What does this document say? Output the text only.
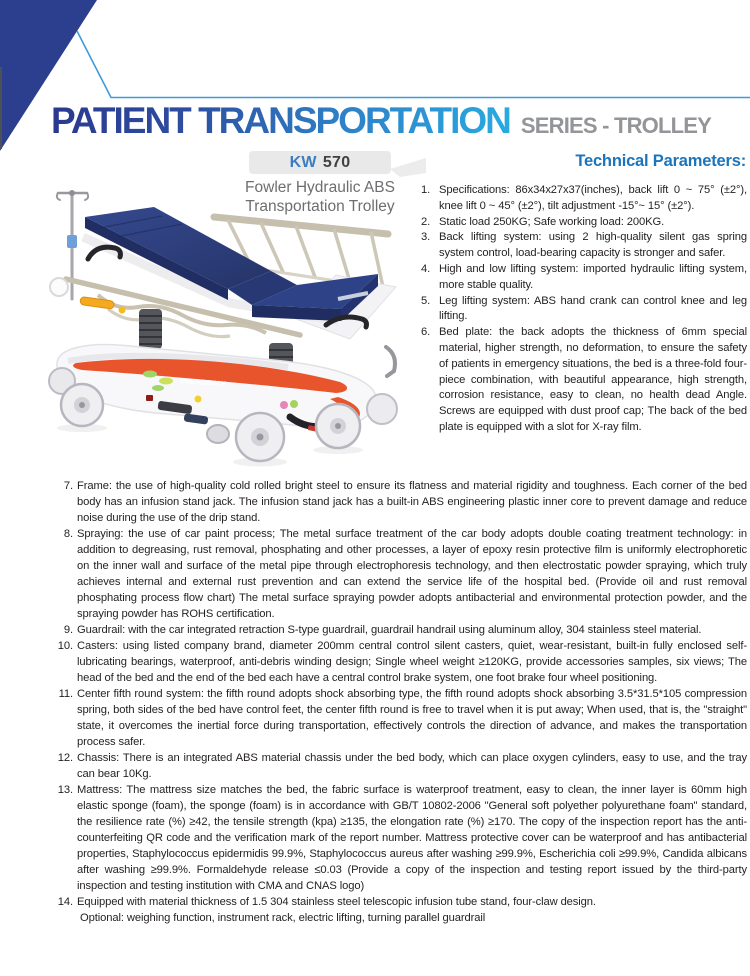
PATIENT TRANSPORTATION SERIES - TROLLEY
EMERGENCY
KW 570
Fowler Hydraulic ABS
Transportation Trolley
Technical Parameters:
1. Specifications: 86x34x27x37(inches), back lift 0 ~ 75° (±2°), knee lift 0 ~ 45° (±2°), tilt adjustment -15°~ 15° (±2°).
2. Static load 250KG; Safe working load: 200KG.
3. Back lifting system: using 2 high-quality silent gas spring system control, load-bearing capacity is stronger and safer.
4. High and low lifting system: imported hydraulic lifting system, more stable quality.
5. Leg lifting system: ABS hand crank can control knee and leg lifting.
6. Bed plate: the back adopts the thickness of 6mm special material, higher strength, no deformation, to ensure the safety of patients in emergency situations, the bed is a three-fold four-piece combination, with beautiful appearance, high strength, corrosion resistance, easy to clean, no health dead Angle. Screws are equipped with dust proof cap; The back of the bed plate is equipped with a slot for X-ray film.
7. Frame: the use of high-quality cold rolled bright steel to ensure its flatness and material rigidity and toughness. Each corner of the bed body has an infusion stand jack. The infusion stand jack has a built-in ABS engineering plastic inner core to prevent damage and reduce noise during the use of the drip stand.
8. Spraying: the use of car paint process; The metal surface treatment of the car body adopts double coating treatment technology: in addition to degreasing, rust removal, phosphating and other processes, a layer of epoxy resin protective film is uniformly electrophoretic on the inner wall and surface of the metal pipe through electrophoresis technology, and then electrostatic powder spraying, which truly achieves internal and external rust prevention and can extend the service life of the hospital bed. (Provide oil and rust removal phosphating process flow chart) The metal surface spraying powder adopts antibacterial and environmental protection powder, and the spraying powder has ROHS certification.
9. Guardrail: with the car integrated retraction S-type guardrail, guardrail handrail using aluminum alloy, 304 stainless steel material.
10. Casters: using listed company brand, diameter 200mm central control silent casters, quiet, wear-resistant, built-in fully enclosed self-lubricating bearings, waterproof, anti-debris winding design; Single wheel weight ≥120KG, provide accessories samples, six views; The head of the bed and the end of the bed each have a central control brake system, one foot brake four wheel positioning.
11. Center fifth round system: the fifth round adopts shock absorbing type, the fifth round adopts shock absorbing 3.5*31.5*105 compression spring, both sides of the bed have control feet, the center fifth round is free to travel when it is put away; When used, that is, the "straight" state, it overcomes the inertial force during transportation, effectively controls the direction of advance, and makes the transportation process safer.
12. Chassis: There is an integrated ABS material chassis under the bed body, which can place oxygen cylinders, easy to use, and the tray can bear 10Kg.
13. Mattress: The mattress size matches the bed, the fabric surface is waterproof treatment, easy to clean, the inner layer is 60mm high elastic sponge (foam), the sponge (foam) is in accordance with GB/T 10802-2006 "General soft polyether polyurethane foam" standard, the resilience rate (%) ≥42, the tensile strength (kpa) ≥135, the elongation rate (%) ≥170. The copy of the inspection report has the anti-counterfeiting QR code and the verification mark of the report number. Mattress protective cover can be waterproof and has antibacterial properties, Staphylococcus epidermidis 99.9%, Staphylococcus aureus after washing ≥99.9%, Escherichia coli ≥99.9%, Candida albicans after washing ≥99.9%. Formaldehyde release ≤0.03 (Provide a copy of the inspection and testing report issued by the third-party inspection and testing institution with CMA and CNAS logo)
14. Equipped with material thickness of 1.5 304 stainless steel telescopic infusion tube stand, four-claw design.
Optional: weighing function, instrument rack, electric lifting, turning parallel guardrail
